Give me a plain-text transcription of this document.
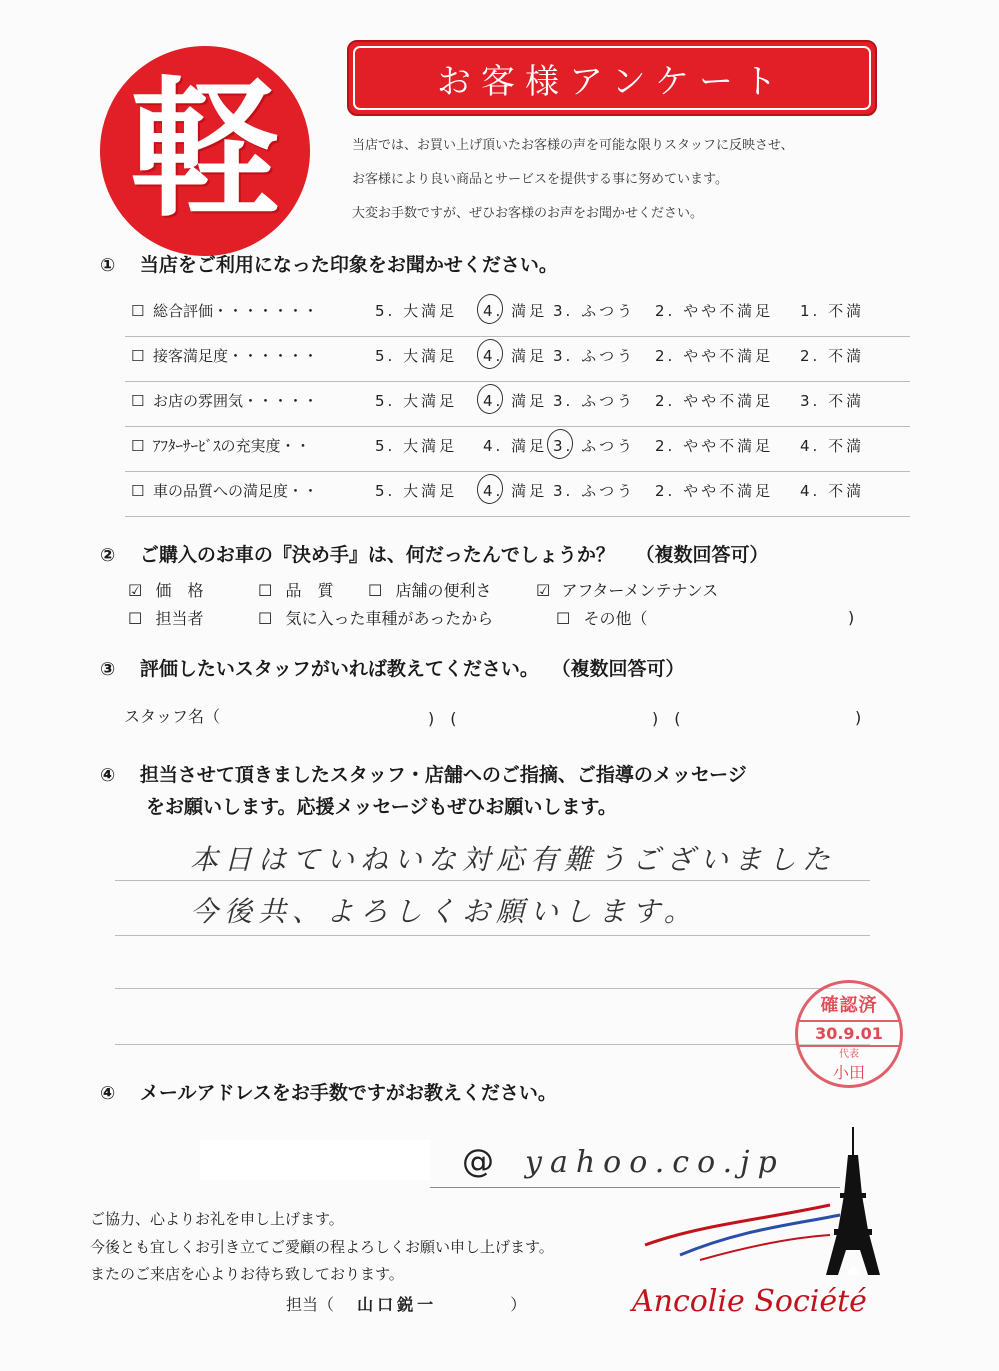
軽	お客様アンケート
当店では、お買い上げ頂いたお客様の声を可能な限りスタッフに反映させ、
お客様により良い商品とサービスを提供する事に努めています。
大変お手数ですが、ぜひお客様のお声をお聞かせください。
① 当店をご利用になった印象をお聞かせください。
☐ 総合評価・・・・・・・	5. 大満足 4. 満足 3. ふつう 2. やや不満足 1. 不満
☐ 接客満足度・・・・・・	5. 大満足 4. 満足 3. ふつう 2. やや不満足 2. 不満
☐ お店の雰囲気・・・・・	5. 大満足 4. 満足 3. ふつう 2. やや不満足 3. 不満
☐ ｱﾌﾀｰｻｰﾋﾞｽの充実度・・	5. 大満足 4. 満足 3. ふつう 2. やや不満足 4. 不満
☐ 車の品質への満足度・・	5. 大満足 4. 満足 3. ふつう 2. やや不満足 4. 不満
② ご購入のお車の『決め手』は、何だったんでしょうか？ （複数回答可）
☑ 価　格	☐ 品　質 ☐ 店舗の便利さ	☑ アフターメンテナンス
☐ 担当者	☐ 気に入った車種があったから	☐ その他（	)
③ 評価したいスタッフがいれば教えてください。 （複数回答可）
スタッフ名（	)　(	)　(	)
④ 担当させて頂きましたスタッフ・店舗へのご指摘、ご指導のメッセージ
をお願いします。応援メッセージもぜひお願いします。
本日はていねいな対応有難うございました
今後共、よろしくお願いします。
確認済
30.9.01
代表
小田
④ メールアドレスをお手数ですがお教えください。
@ yahoo.co.jp
ご協力、心よりお礼を申し上げます。
今後とも宜しくお引き立てご愛顧の程よろしくお願い申し上げます。
またのご来店を心よりお待ち致しております。
担当（ 山口鋭一	）	Ancolie Société
